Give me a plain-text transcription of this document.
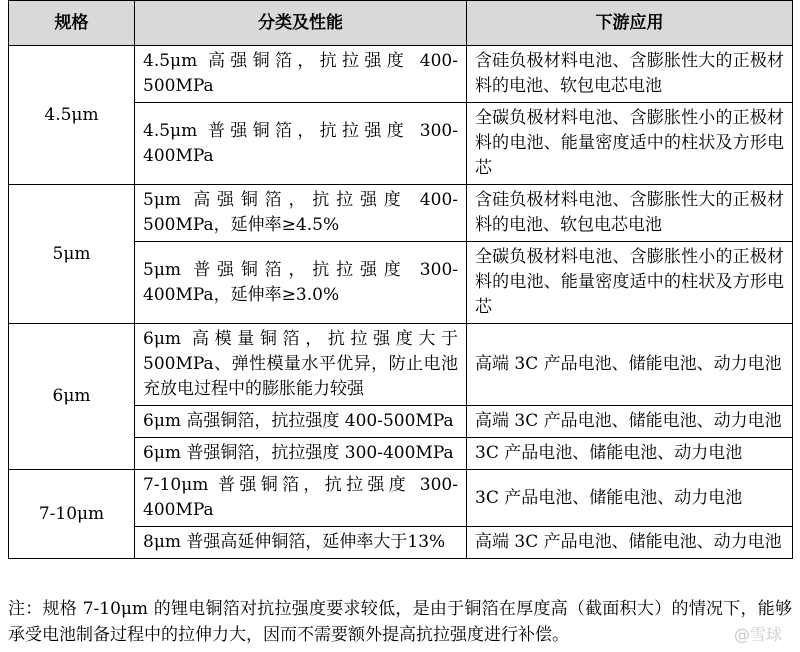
规格	分类及性能	下游应用
4.5μm	4.5μm 高强铜箔，抗拉强度 400-500MPa	含硅负极材料电池、含膨胀性大的正极材料的电池、软包电芯电池
	4.5μm 普强铜箔，抗拉强度 300-400MPa	全碳负极材料电池、含膨胀性小的正极材料的电池、能量密度适中的柱状及方形电芯
5μm	5μm 高强铜箔，抗拉强度 400-500MPa，延伸率≥4.5%	含硅负极材料电池、含膨胀性大的正极材料的电池、软包电芯电池
	5μm 普强铜箔，抗拉强度 300-400MPa，延伸率≥3.0%	全碳负极材料电池、含膨胀性小的正极材料的电池、能量密度适中的柱状及方形电芯
6μm	6μm 高模量铜箔，抗拉强度大于500MPa、弹性模量水平优异，防止电池充放电过程中的膨胀能力较强	高端 3C 产品电池、储能电池、动力电池
	6μm 高强铜箔，抗拉强度 400-500MPa	高端 3C 产品电池、储能电池、动力电池
	6μm 普强铜箔，抗拉强度 300-400MPa	3C 产品电池、储能电池、动力电池
7-10μm	7-10μm 普强铜箔，抗拉强度 300-400MPa	3C 产品电池、储能电池、动力电池
	8μm 普强高延伸铜箔，延伸率大于13%	高端 3C 产品电池、储能电池、动力电池
注：规格 7-10μm 的锂电铜箔对抗拉强度要求较低，是由于铜箔在厚度高（截面积大）的情况下，能够承受电池制备过程中的拉伸力大，因而不需要额外提高抗拉强度进行补偿。	@雪球
